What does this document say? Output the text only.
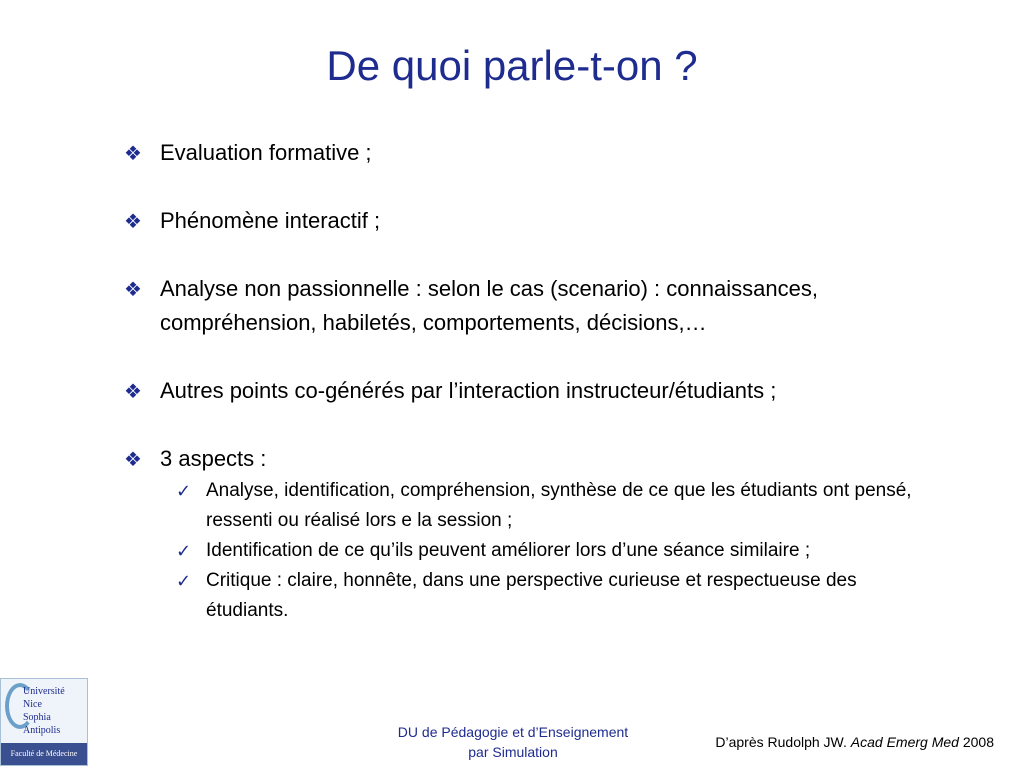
De quoi parle-t-on ?
❖ Evaluation formative ;
❖ Phénomène interactif ;
❖ Analyse non passionnelle : selon le cas (scenario) : connaissances, compréhension, habiletés, comportements, décisions,…
❖ Autres points co-générés par l’interaction instructeur/étudiants ;
❖ 3 aspects :
✓ Analyse, identification, compréhension, synthèse de ce que les étudiants ont pensé, ressenti ou réalisé lors e la session ;
✓ Identification de ce qu’ils peuvent améliorer lors d’une séance similaire ;
✓ Critique : claire, honnête, dans une perspective curieuse et respectueuse des étudiants.
Université
Nice
Sophia Antipolis
Faculté de Médecine
DU de Pédagogie et d’Enseignement
par Simulation
D’après Rudolph JW. Acad Emerg Med 2008
